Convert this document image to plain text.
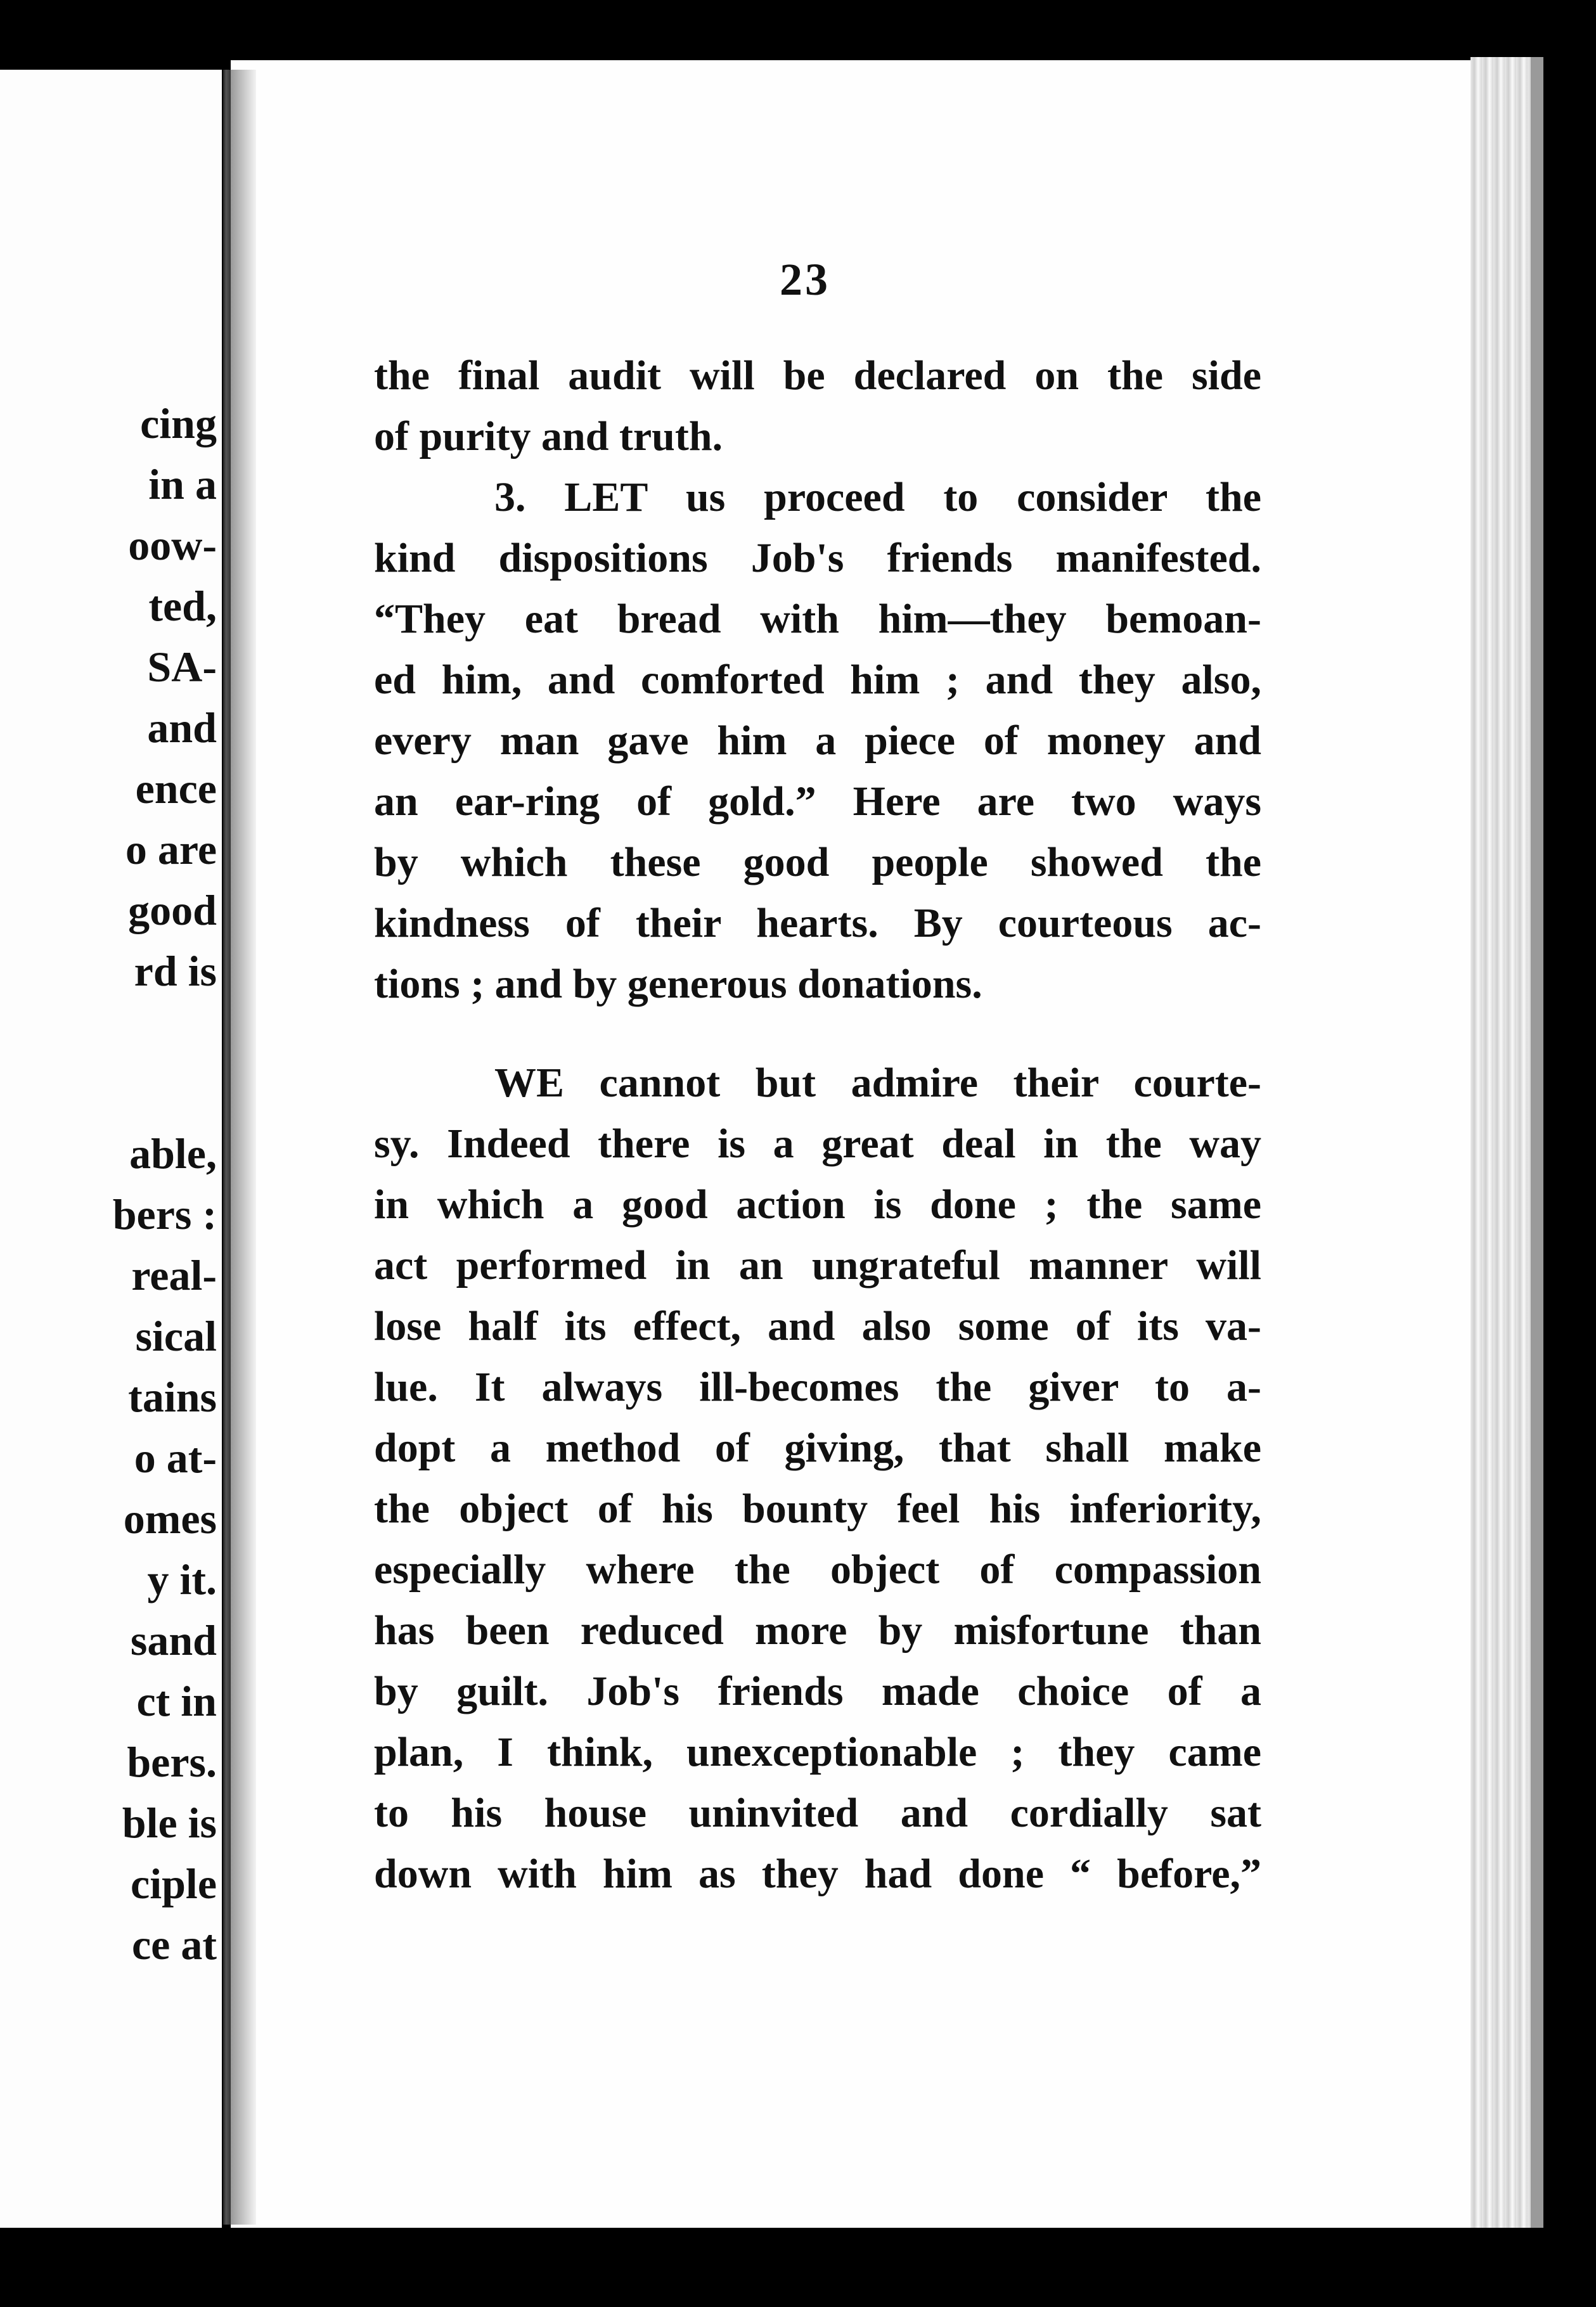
cing
in a
oow-
ted,
SA-
and
ence
o are
good
rd is
able,
bers :
real-
sical
tains
o at-
omes
y it.
sand
ct in
bers.
ble is
ciple
ce at
23
the final audit will be declared on the side
of purity and truth.
3. LET us proceed to consider the
kind dispositions Job's friends manifested.
“They eat bread with him—they bemoan-
ed him, and comforted him ; and they also,
every man gave him a piece of money and
an ear-ring of gold.” Here are two ways
by which these good people showed the
kindness of their hearts. By courteous ac-
tions ; and by generous donations.
WE cannot but admire their courte-
sy. Indeed there is a great deal in the way
in which a good action is done ; the same
act performed in an ungrateful manner will
lose half its effect, and also some of its va-
lue. It always ill-becomes the giver to a-
dopt a method of giving, that shall make
the object of his bounty feel his inferiority,
especially where the object of compassion
has been reduced more by misfortune than
by guilt. Job's friends made choice of a
plan, I think, unexceptionable ; they came
to his house uninvited and cordially sat
down with him as they had done “ before,”
